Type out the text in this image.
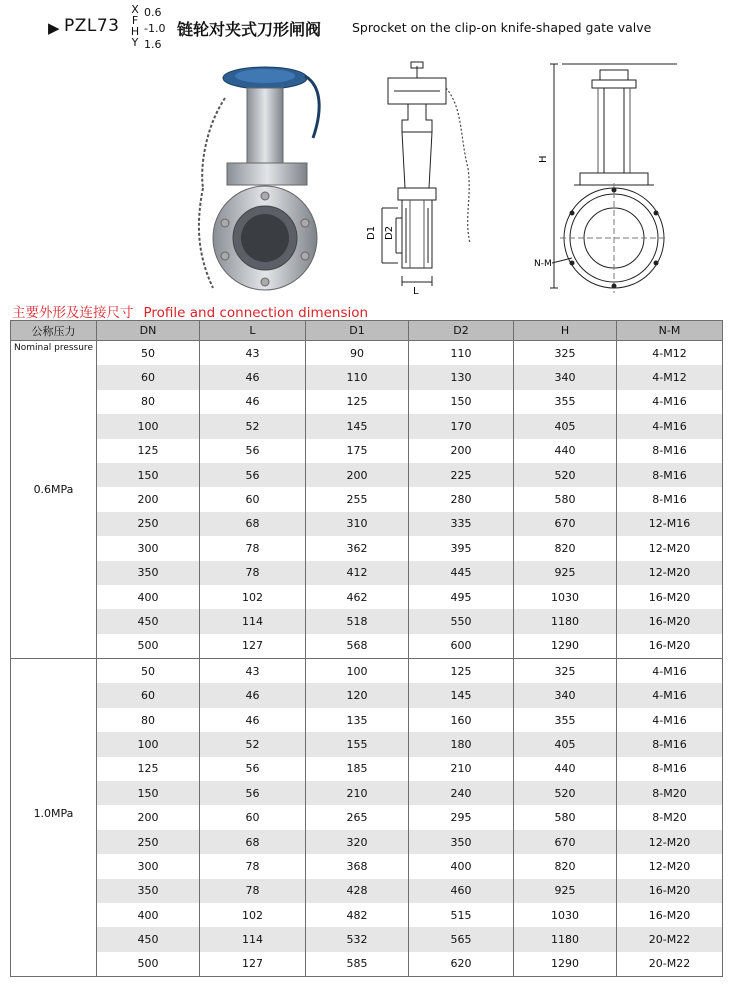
▶ PZL73
X
F
H
Y
0.6
-1.0
1.6
链轮对夹式刀形闸阀 Sprocket on the clip-on knife-shaped gate valve
D1 D2
L
H
N-M
主要外形及连接尺寸 Profile and connection dimension
公称压力	DN	L	D1	D2	H	N-M

Nominal pressure
0.6MPa	50	43	90	110	325	4-M12
	60	46	110	130	340	4-M12
	80	46	125	150	355	4-M16
	100	52	145	170	405	4-M16
	125	56	175	200	440	8-M16
	150	56	200	225	520	8-M16
	200	60	255	280	580	8-M16
	250	68	310	335	670	12-M16
	300	78	362	395	820	12-M20
	350	78	412	445	925	12-M20
	400	102	462	495	1030	16-M20
	450	114	518	550	1180	16-M20
	500	127	568	600	1290	16-M20

1.0MPa	50	43	100	125	325	4-M16
	60	46	120	145	340	4-M16
	80	46	135	160	355	4-M16
	100	52	155	180	405	8-M16
	125	56	185	210	440	8-M16
	150	56	210	240	520	8-M20
	200	60	265	295	580	8-M20
	250	68	320	350	670	12-M20
	300	78	368	400	820	12-M20
	350	78	428	460	925	16-M20
	400	102	482	515	1030	16-M20
	450	114	532	565	1180	20-M22
	500	127	585	620	1290	20-M22
